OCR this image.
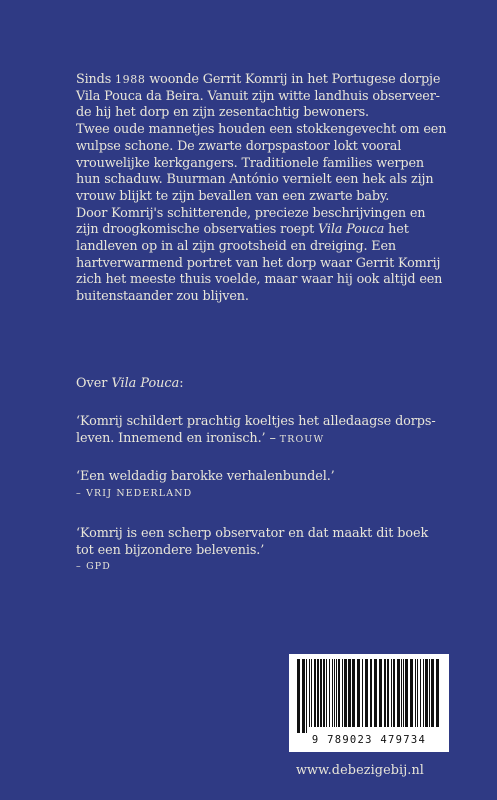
Sinds 1988 woonde Gerrit Komrij in het Portugese dorpje

Vila Pouca da Beira. Vanuit zijn witte landhuis observeer-

de hij het dorp en zijn zesentachtig bewoners.

Twee oude mannetjes houden een stokkengevecht om een

wulpse schone. De zwarte dorpspastoor lokt vooral

vrouwelijke kerkgangers. Traditionele families werpen

hun schaduw. Buurman António vernielt een hek als zijn

vrouw blijkt te zijn bevallen van een zwarte baby.

Door Komrij's schitterende, precieze beschrijvingen en

zijn droogkomische observaties roept Vila Pouca het

landleven op in al zijn grootsheid en dreiging. Een

hartverwarmend portret van het dorp waar Gerrit Komrij

zich het meeste thuis voelde, maar waar hij ook altijd een

buitenstaander zou blijven.

Over Vila Pouca:
‘Komrij schildert prachtig koeltjes het alledaagse dorps-
leven. Innemend en ironisch.’ – TROUW
‘Een weldadig barokke verhalenbundel.’
– VRIJ NEDERLAND
‘Komrij is een scherp observator en dat maakt dit boek
tot een bijzondere belevenis.’
– GPD
9 789023 479734
www.debezigebij.nl
